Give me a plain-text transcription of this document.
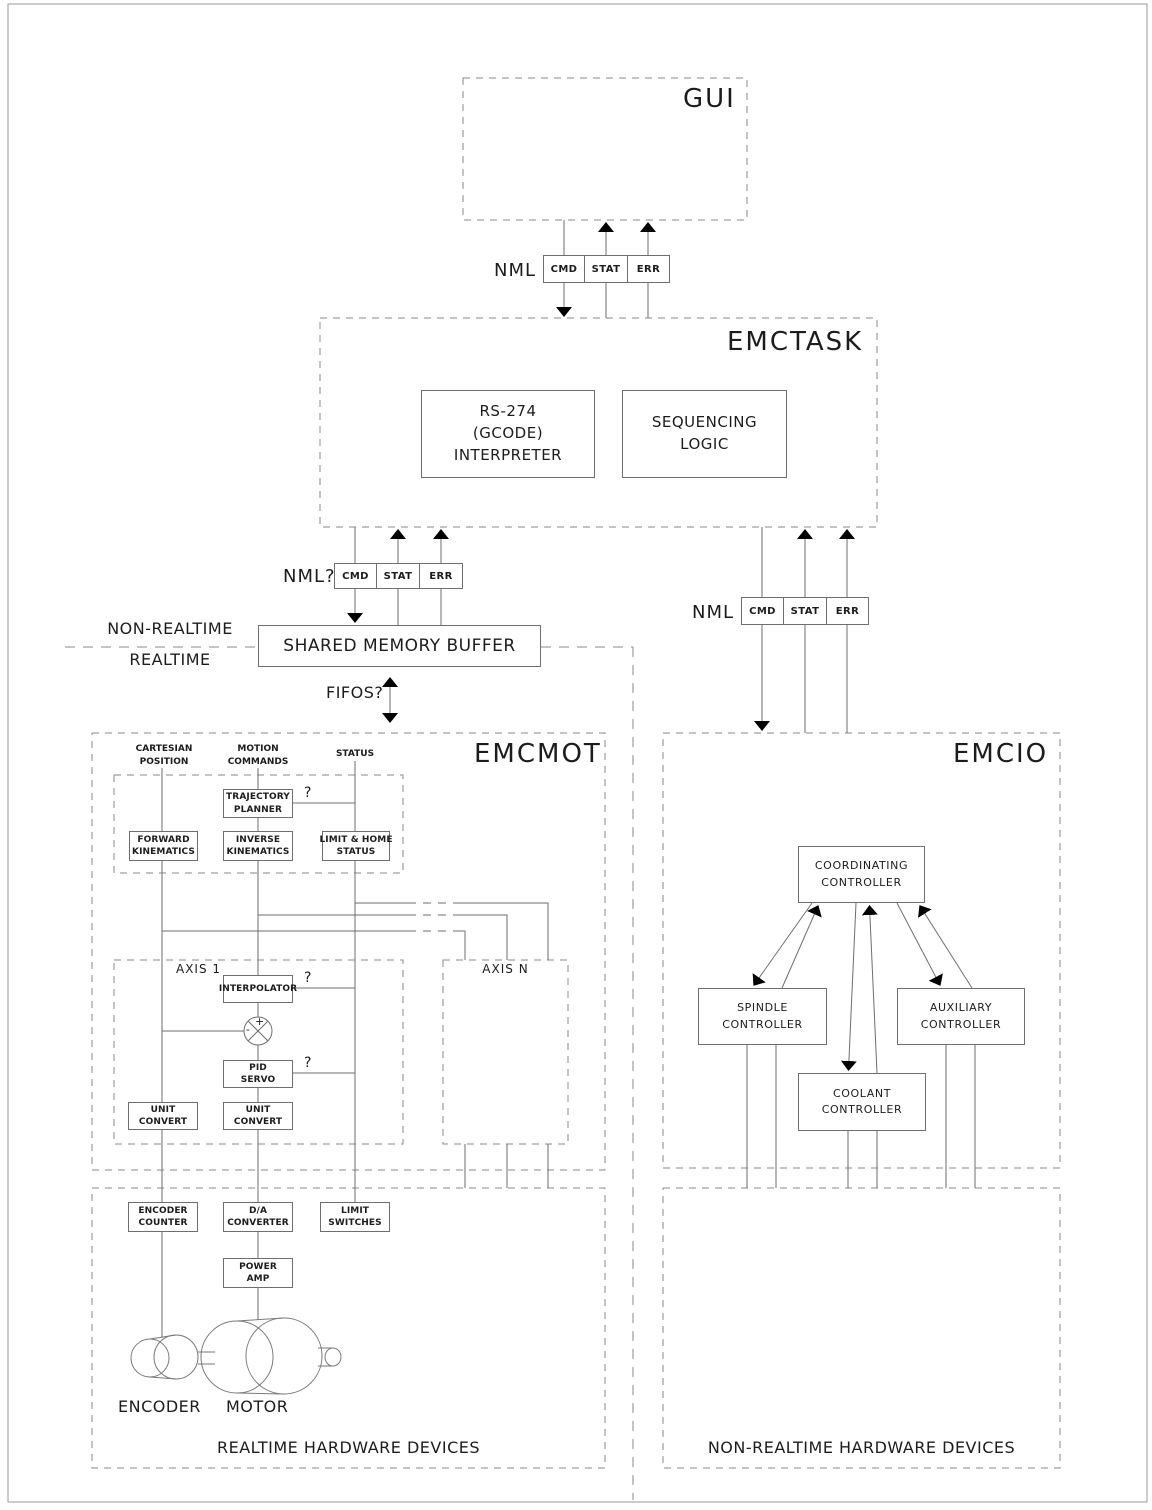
GUI
EMCTASK
EMCMOT	EMCIO
NML	CMD	STAT	ERR
NML? CMD	STAT	ERR
NML	CMD	STAT	ERR
RS-274
(GCODE)
INTERPRETER
SEQUENCING
LOGIC
SHARED MEMORY BUFFER
NON-REALTIME
REALTIME
FIFOS?
CARTESIAN
POSITION
MOTION
COMMANDS
STATUS
TRAJECTORY
PLANNER
FORWARD
KINEMATICS
INVERSE
KINEMATICS
LIMIT & HOME
STATUS
AXIS 1	AXIS N
INTERPOLATOR
PID
SERVO
UNIT
CONVERT
UNIT
CONVERT
+
-
?
?
?
COORDINATING
CONTROLLER
SPINDLE
CONTROLLER
AUXILIARY
CONTROLLER
COOLANT
CONTROLLER
ENCODER
COUNTER
D/A
CONVERTER
LIMIT
SWITCHES
POWER
AMP
ENCODER MOTOR
REALTIME HARDWARE DEVICES	NON-REALTIME HARDWARE DEVICES
